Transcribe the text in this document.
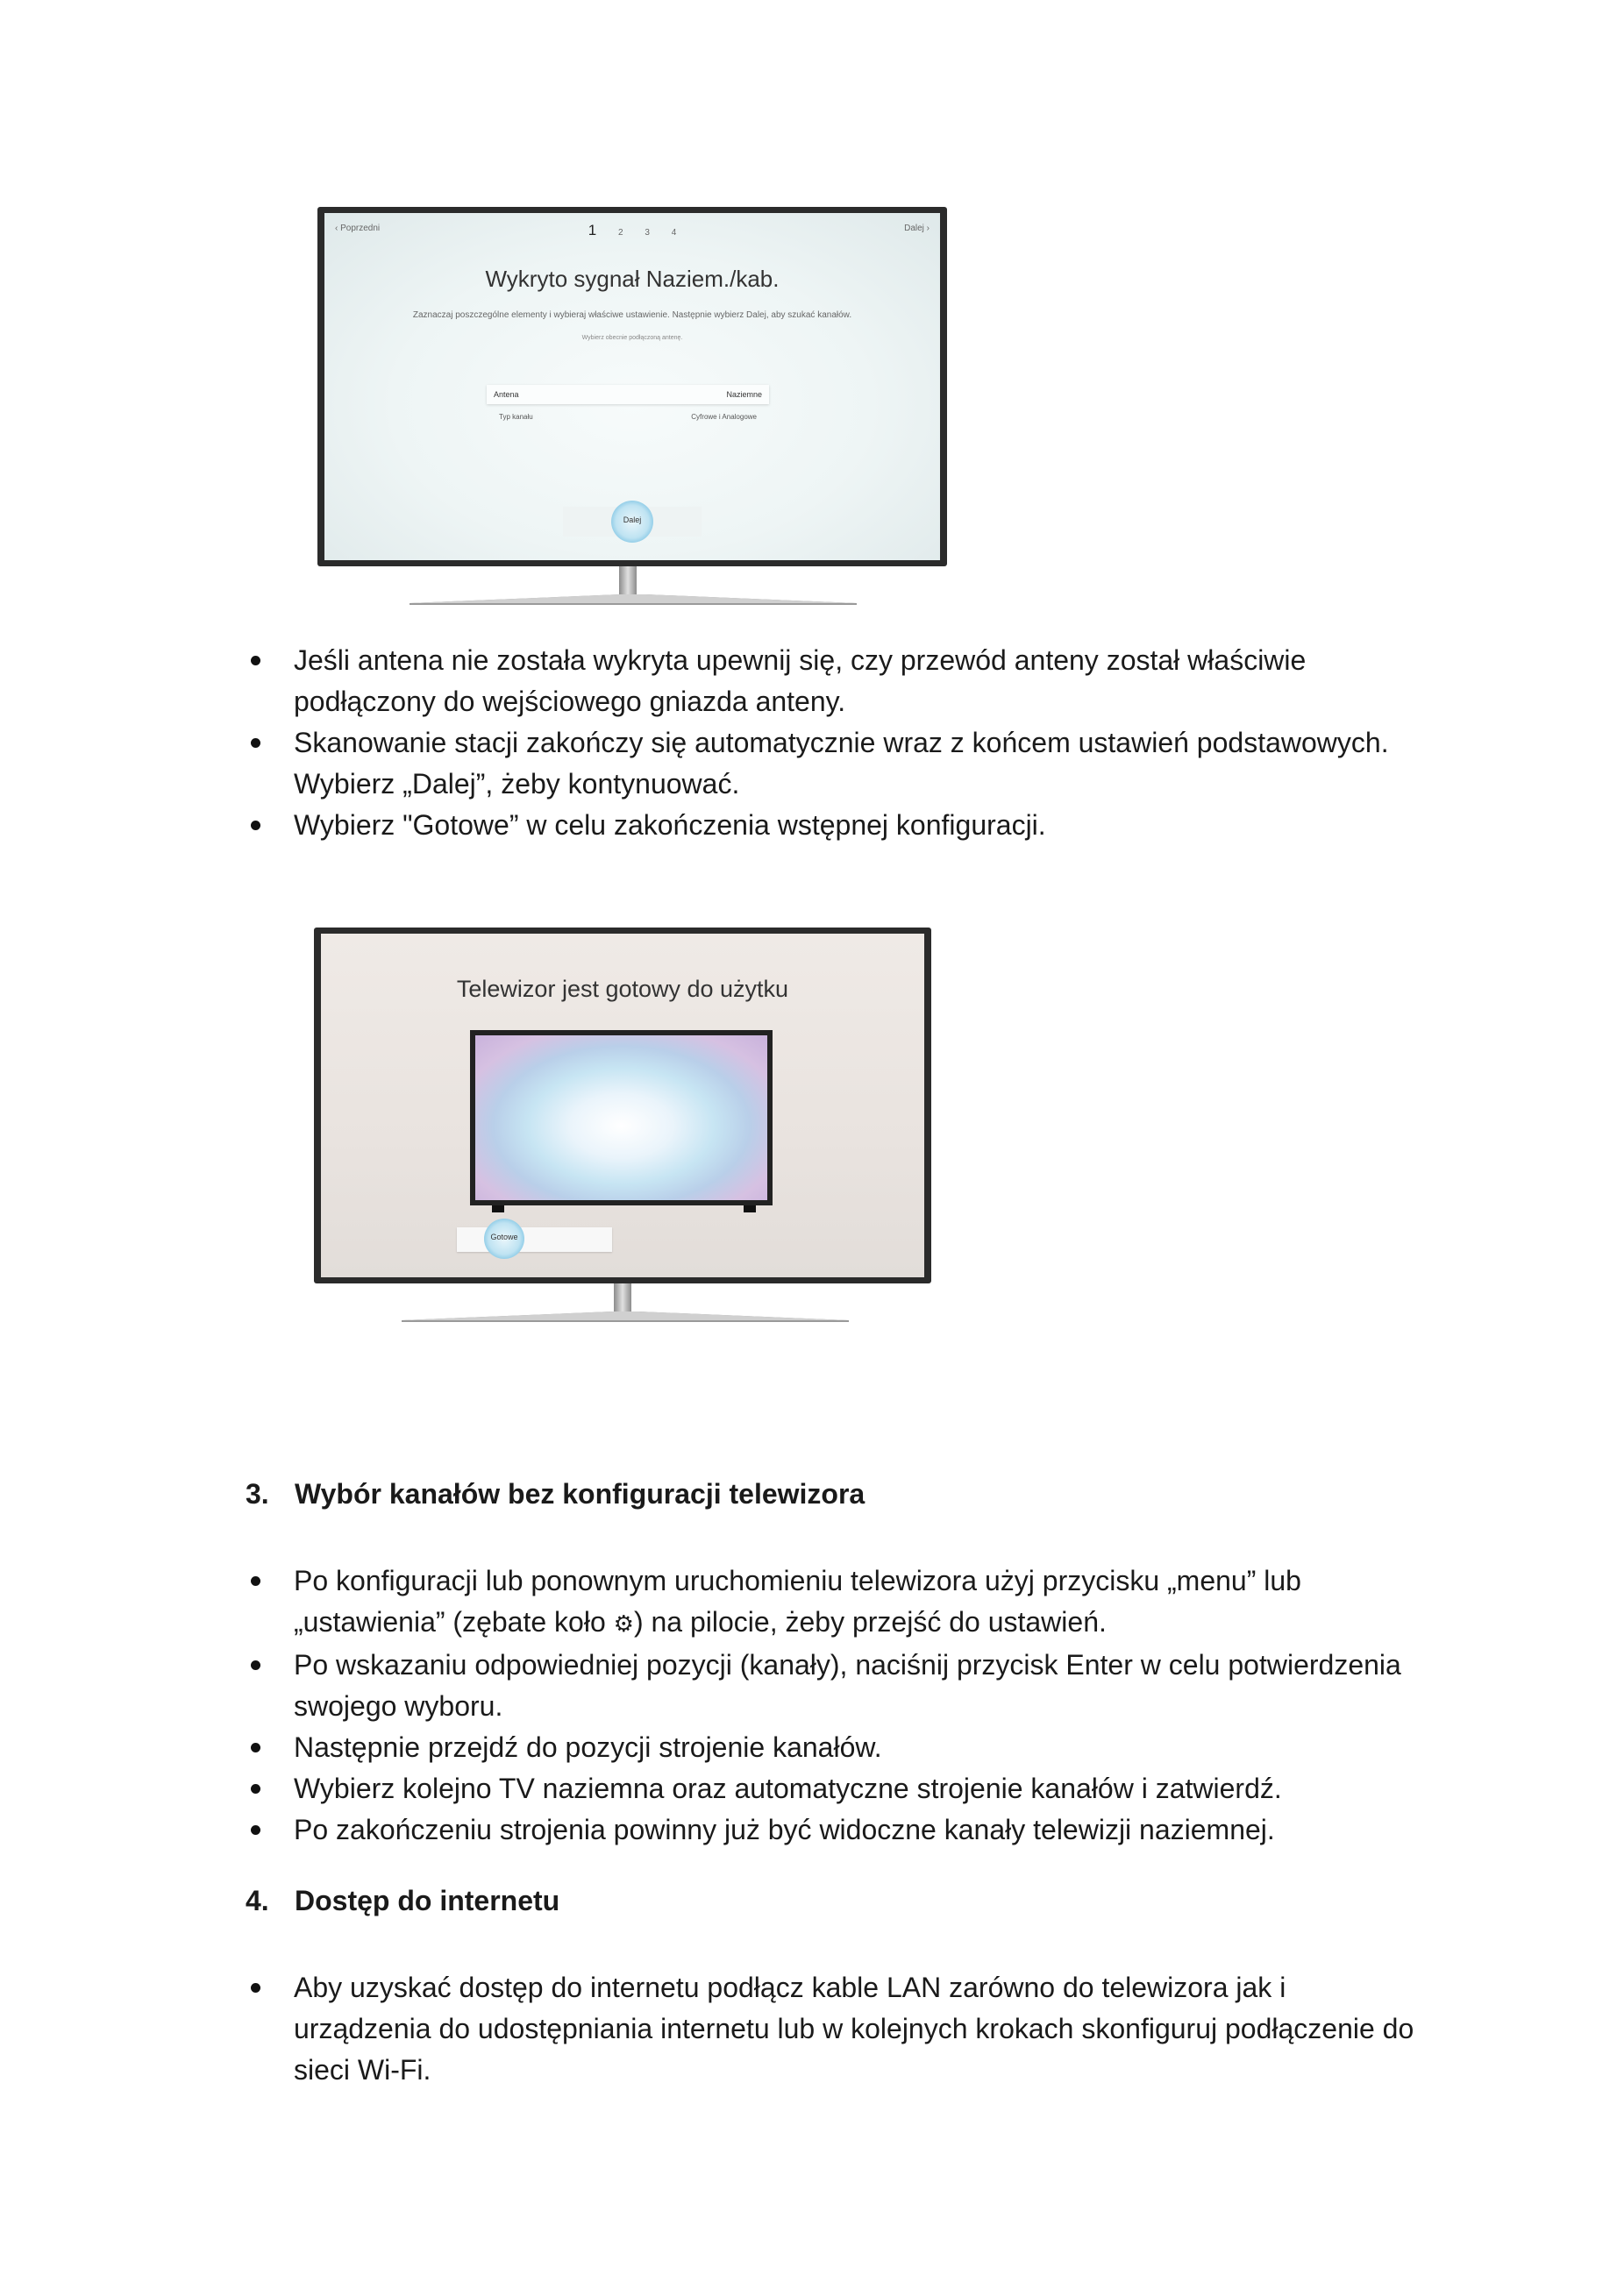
‹ Poprzedni	1 2 3 4	Dalej ›
Wykryto sygnał Naziem./kab.
Zaznaczaj poszczególne elementy i wybieraj właściwe ustawienie. Następnie wybierz Dalej, aby szukać kanałów.
Wybierz obecnie podłączoną antenę.
Antena	Naziemne
Typ kanału	Cyfrowe i Analogowe
Dalej
Jeśli antena nie została wykryta upewnij się, czy przewód anteny został właściwie podłączony do wejściowego gniazda anteny.
Skanowanie stacji zakończy się automatycznie wraz z końcem ustawień podstawowych. Wybierz „Dalej”, żeby kontynuować.
Wybierz "Gotowe” w celu zakończenia wstępnej konfiguracji.
Telewizor jest gotowy do użytku
Gotowe
3. Wybór kanałów bez konfiguracji telewizora
Po konfiguracji lub ponownym uruchomieniu telewizora użyj przycisku „menu” lub „ustawienia” (zębate koło ⚙) na pilocie, żeby przejść do ustawień.
Po wskazaniu odpowiedniej pozycji (kanały), naciśnij przycisk Enter w celu potwierdzenia swojego wyboru.
Następnie przejdź do pozycji strojenie kanałów.
Wybierz kolejno TV naziemna oraz automatyczne strojenie kanałów i zatwierdź.
Po zakończeniu strojenia powinny już być widoczne kanały telewizji naziemnej.
4. Dostęp do internetu
Aby uzyskać dostęp do internetu podłącz kable LAN zarówno do telewizora jak i urządzenia do udostępniania internetu lub w kolejnych krokach skonfiguruj podłączenie do sieci Wi-Fi.
